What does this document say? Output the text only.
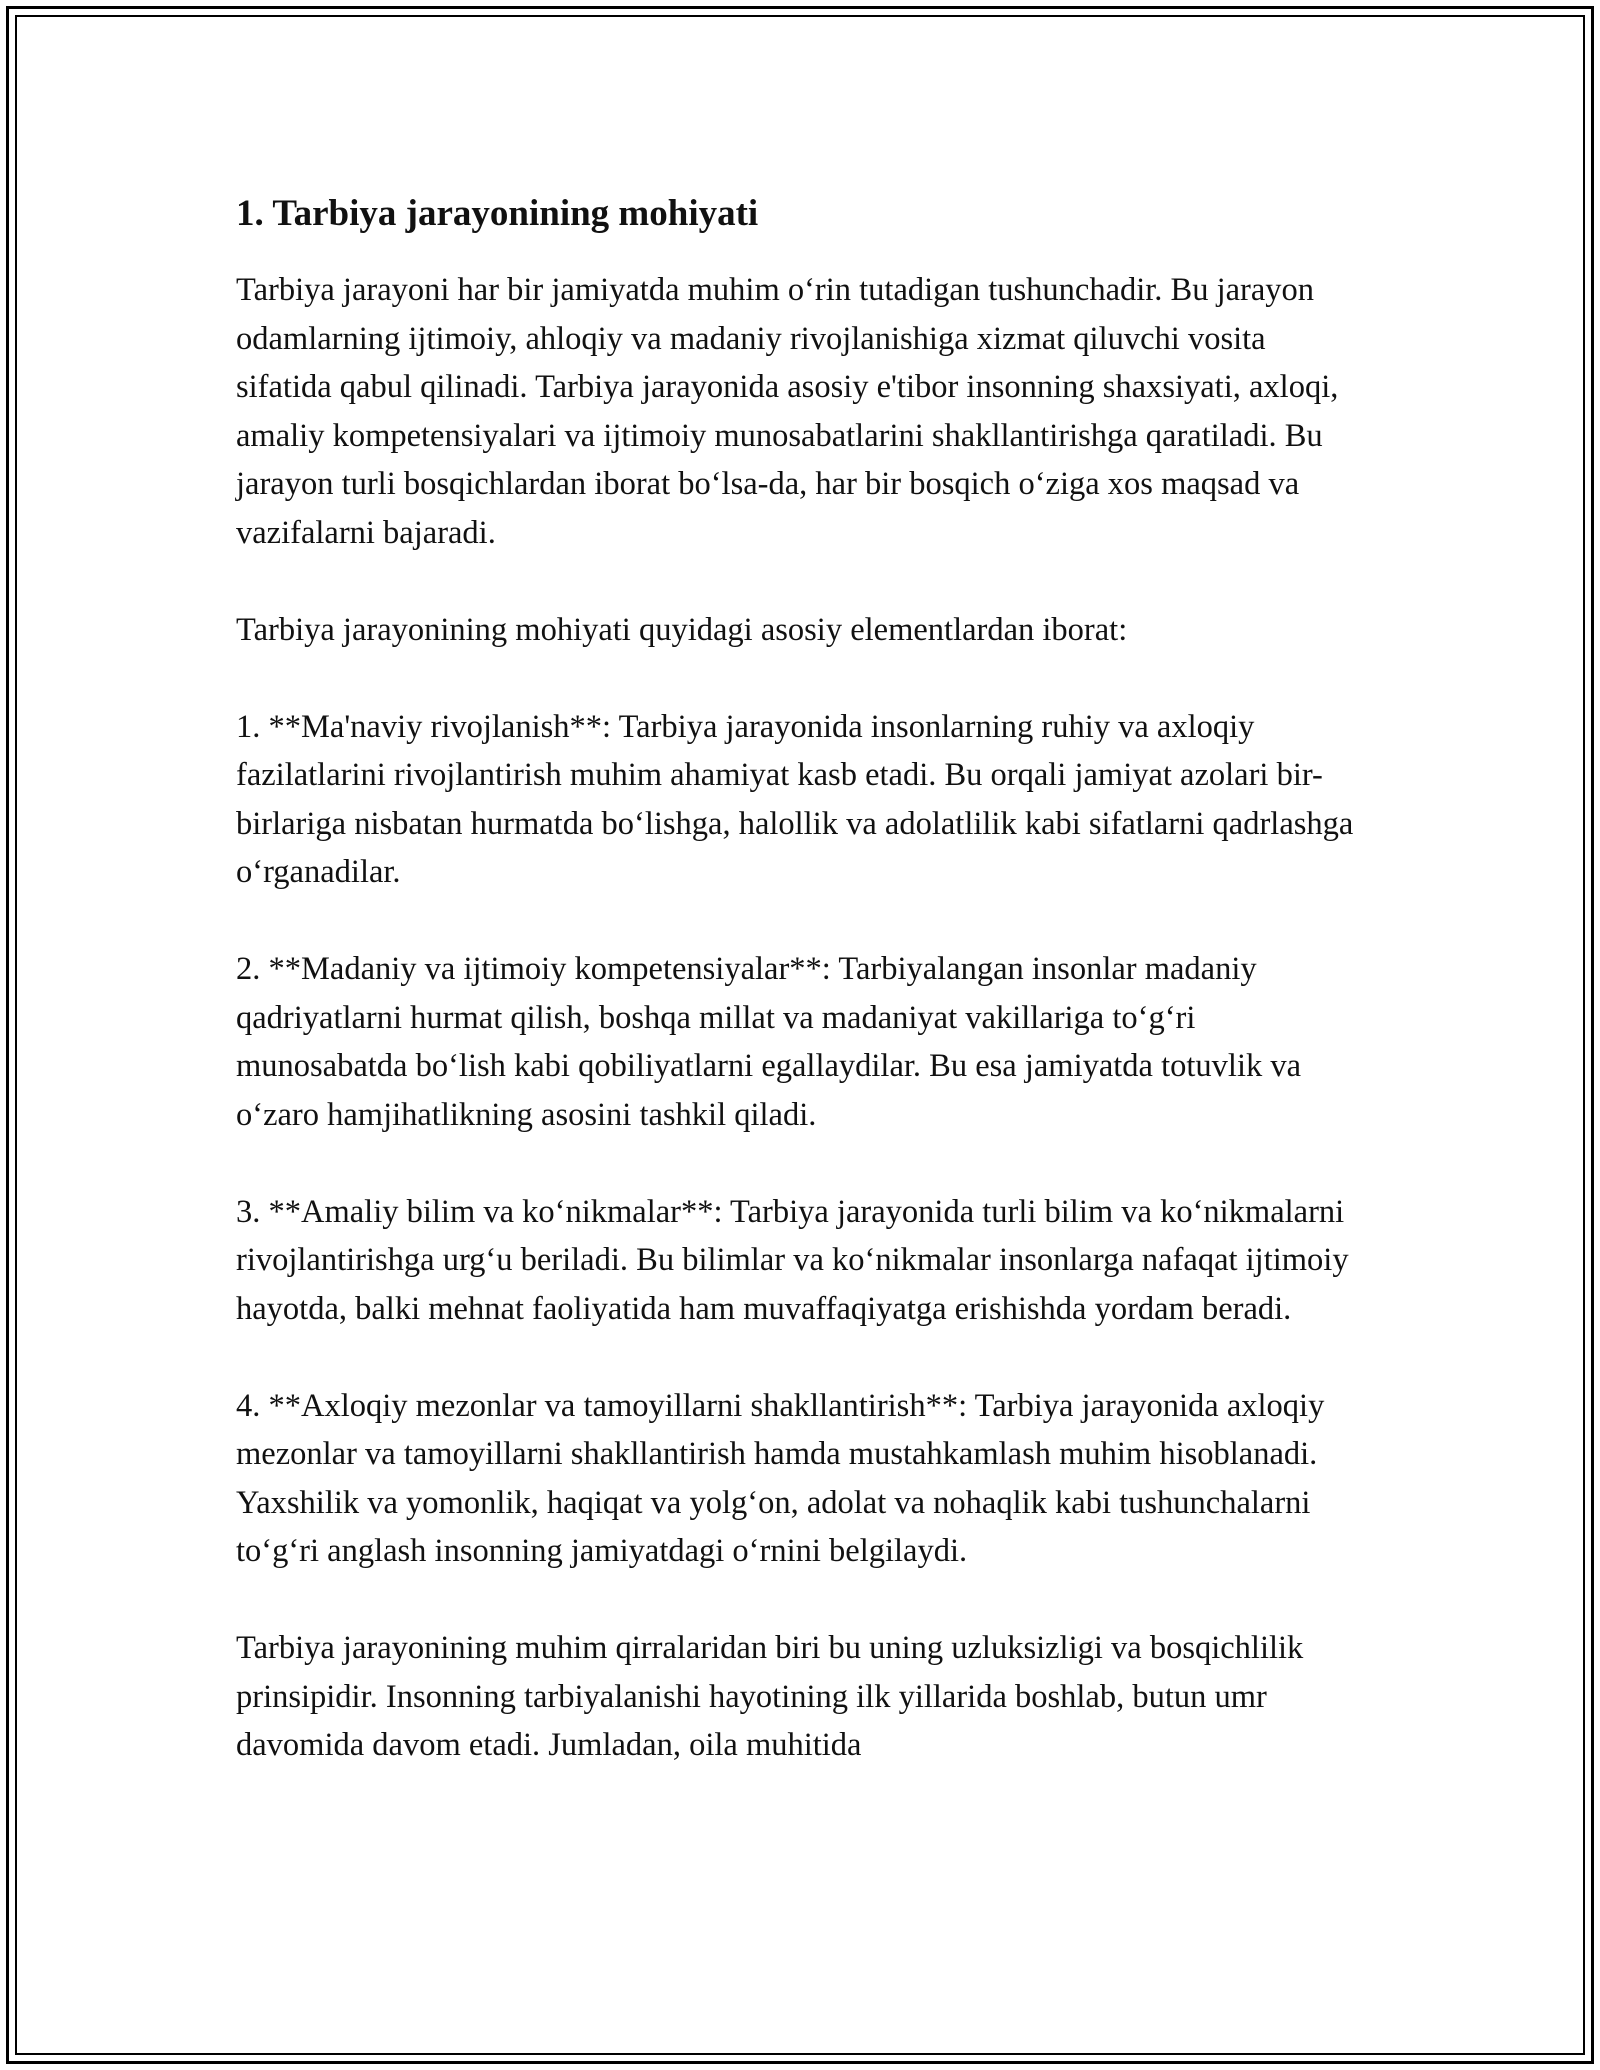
1. Tarbiya jarayonining mohiyati

Tarbiya jarayoni har bir jamiyatda muhim o‘rin tutadigan tushunchadir. Bu jarayon odamlarning ijtimoiy, ahloqiy va madaniy rivojlanishiga xizmat qiluvchi vosita sifatida qabul qilinadi. Tarbiya jarayonida asosiy e'tibor insonning shaxsiyati, axloqi, amaliy kompetensiyalari va ijtimoiy munosabatlarini shakllantirishga qaratiladi. Bu jarayon turli bosqichlardan iborat bo‘lsa-da, har bir bosqich o‘ziga xos maqsad va vazifalarni bajaradi.

Tarbiya jarayonining mohiyati quyidagi asosiy elementlardan iborat:

1. **Ma'naviy rivojlanish**: Tarbiya jarayonida insonlarning ruhiy va axloqiy fazilatlarini rivojlantirish muhim ahamiyat kasb etadi. Bu orqali jamiyat azolari bir-birlariga nisbatan hurmatda bo‘lishga, halollik va adolatlilik kabi sifatlarni qadrlashga o‘rganadilar.

2. **Madaniy va ijtimoiy kompetensiyalar**: Tarbiyalangan insonlar madaniy qadriyatlarni hurmat qilish, boshqa millat va madaniyat vakillariga to‘g‘ri munosabatda bo‘lish kabi qobiliyatlarni egallaydilar. Bu esa jamiyatda totuvlik va o‘zaro hamjihatlikning asosini tashkil qiladi.

3. **Amaliy bilim va ko‘nikmalar**: Tarbiya jarayonida turli bilim va ko‘nikmalarni rivojlantirishga urg‘u beriladi. Bu bilimlar va ko‘nikmalar insonlarga nafaqat ijtimoiy hayotda, balki mehnat faoliyatida ham muvaffaqiyatga erishishda yordam beradi.

4. **Axloqiy mezonlar va tamoyillarni shakllantirish**: Tarbiya jarayonida axloqiy mezonlar va tamoyillarni shakllantirish hamda mustahkamlash muhim hisoblanadi. Yaxshilik va yomonlik, haqiqat va yolg‘on, adolat va nohaqlik kabi tushunchalarni to‘g‘ri anglash insonning jamiyatdagi o‘rnini belgilaydi.

Tarbiya jarayonining muhim qirralaridan biri bu uning uzluksizligi va bosqichlilik prinsipidir. Insonning tarbiyalanishi hayotining ilk yillarida boshlab, butun umr davomida davom etadi. Jumladan, oila muhitida
